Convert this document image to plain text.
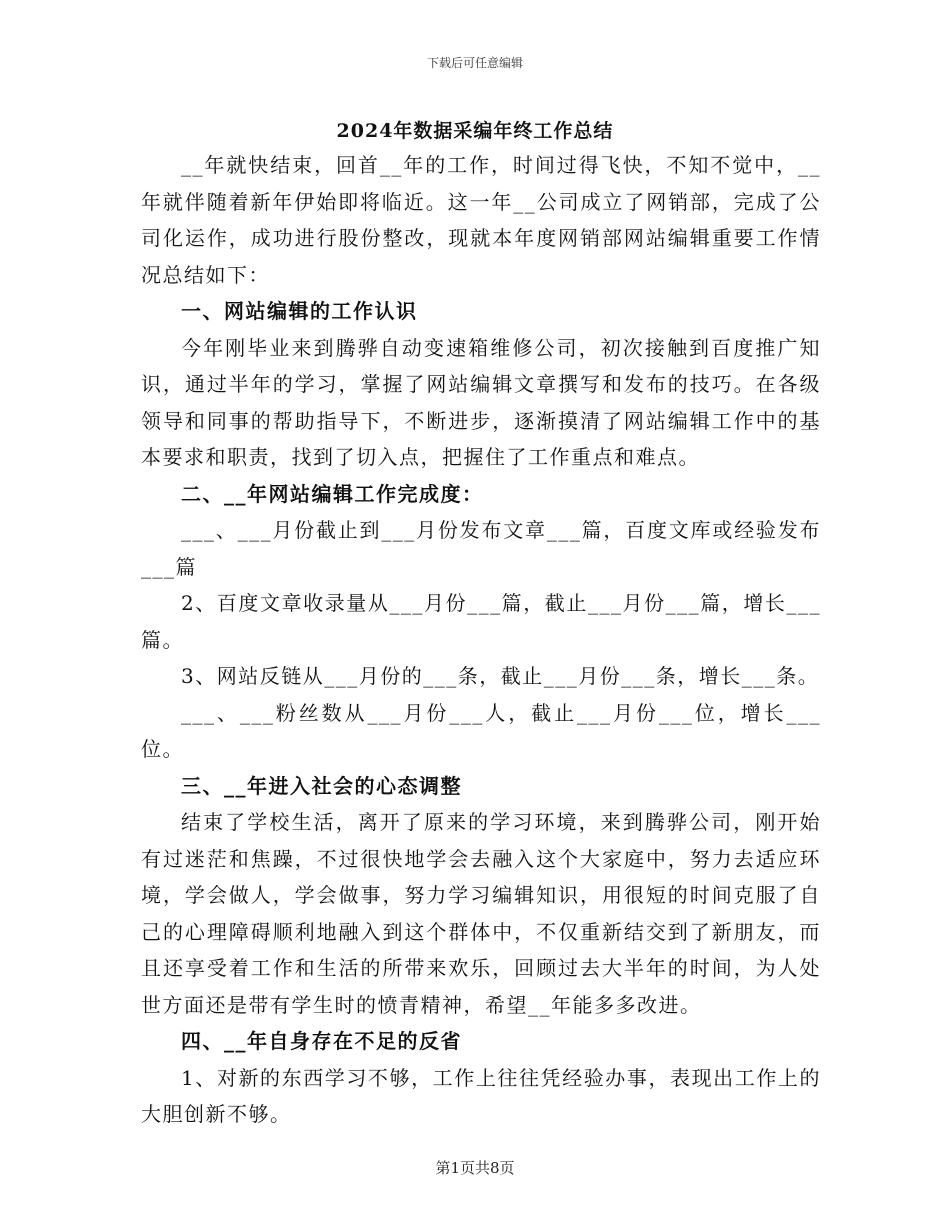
下载后可任意编辑
2024年数据采编年终工作总结

__年就快结束，回首__年的工作，时间过得飞快，不知不觉中，__年就伴随着新年伊始即将临近。这一年__公司成立了网销部，完成了公司化运作，成功进行股份整改，现就本年度网销部网站编辑重要工作情况总结如下：

一、网站编辑的工作认识

今年刚毕业来到腾骅自动变速箱维修公司，初次接触到百度推广知识，通过半年的学习，掌握了网站编辑文章撰写和发布的技巧。在各级领导和同事的帮助指导下，不断进步，逐渐摸清了网站编辑工作中的基本要求和职责，找到了切入点，把握住了工作重点和难点。

二、__年网站编辑工作完成度：

___、___月份截止到___月份发布文章___篇，百度文库或经验发布___篇

2、百度文章收录量从___月份___篇，截止___月份___篇，增长___篇。

3、网站反链从___月份的___条，截止___月份___条，增长___条。

___、___粉丝数从___月份___人，截止___月份___位，增长___位。

三、__年进入社会的心态调整

结束了学校生活，离开了原来的学习环境，来到腾骅公司，刚开始有过迷茫和焦躁，不过很快地学会去融入这个大家庭中，努力去适应环境，学会做人，学会做事，努力学习编辑知识，用很短的时间克服了自己的心理障碍顺利地融入到这个群体中，不仅重新结交到了新朋友，而且还享受着工作和生活的所带来欢乐，回顾过去大半年的时间，为人处世方面还是带有学生时的愤青精神，希望__年能多多改进。

四、__年自身存在不足的反省

1、对新的东西学习不够，工作上往往凭经验办事，表现出工作上的大胆创新不够。

第1页共8页
